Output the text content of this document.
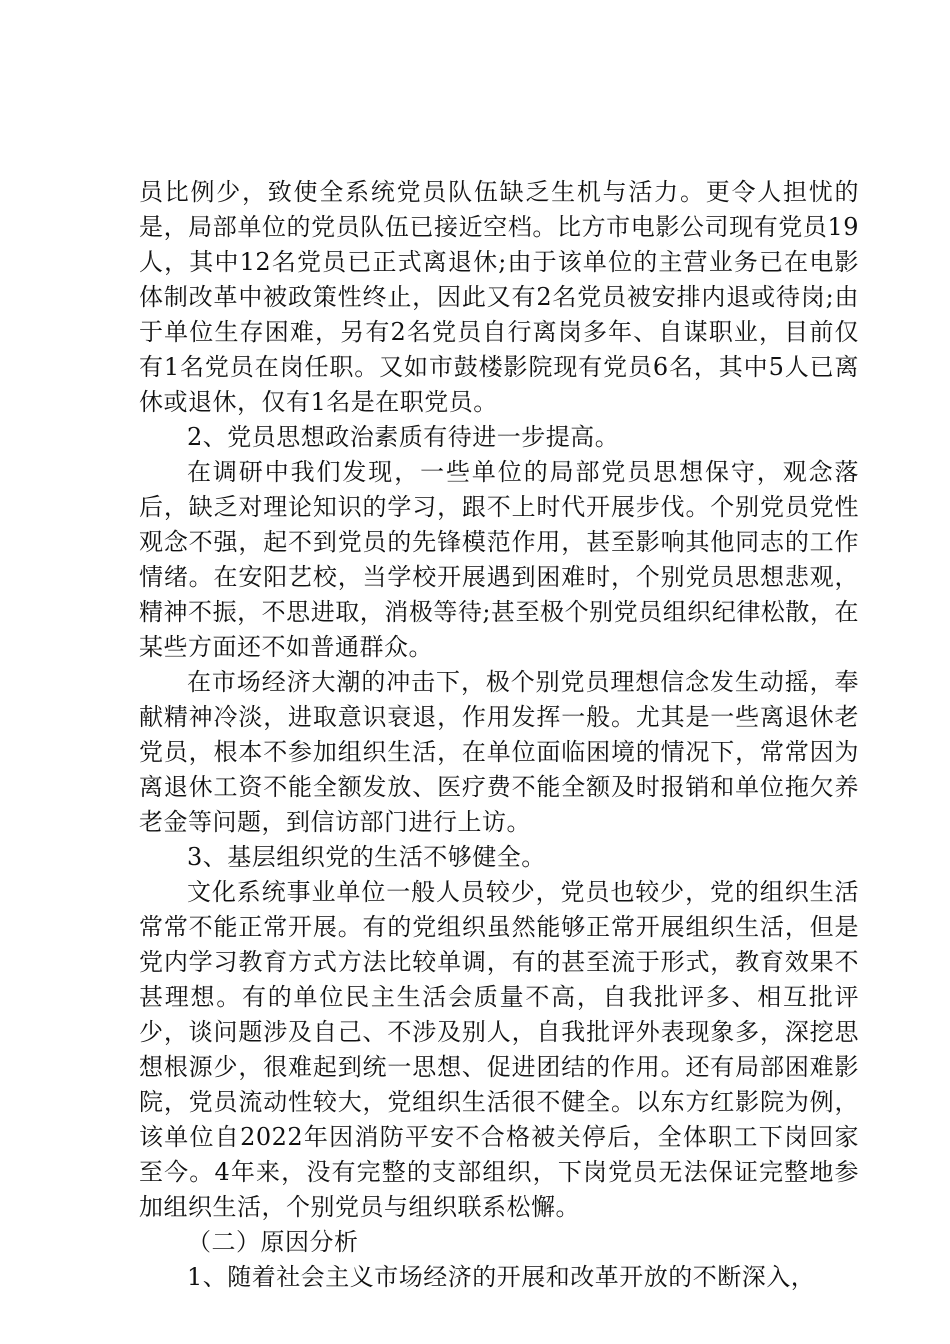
员比例少，致使全系统党员队伍缺乏生机与活力。更令人担忧的是，局部单位的党员队伍已接近空档。比方市电影公司现有党员19人，其中12名党员已正式离退休;由于该单位的主营业务已在电影体制改革中被政策性终止，因此又有2名党员被安排内退或待岗;由于单位生存困难，另有2名党员自行离岗多年、自谋职业，目前仅有1名党员在岗任职。又如市鼓楼影院现有党员6名，其中5人已离休或退休，仅有1名是在职党员。

2、党员思想政治素质有待进一步提高。

在调研中我们发现，一些单位的局部党员思想保守，观念落后，缺乏对理论知识的学习，跟不上时代开展步伐。个别党员党性观念不强，起不到党员的先锋模范作用，甚至影响其他同志的工作情绪。在安阳艺校，当学校开展遇到困难时，个别党员思想悲观，精神不振，不思进取，消极等待;甚至极个别党员组织纪律松散，在某些方面还不如普通群众。

在市场经济大潮的冲击下，极个别党员理想信念发生动摇，奉献精神冷淡，进取意识衰退，作用发挥一般。尤其是一些离退休老党员，根本不参加组织生活，在单位面临困境的情况下，常常因为离退休工资不能全额发放、医疗费不能全额及时报销和单位拖欠养老金等问题，到信访部门进行上访。

3、基层组织党的生活不够健全。

文化系统事业单位一般人员较少，党员也较少，党的组织生活常常不能正常开展。有的党组织虽然能够正常开展组织生活，但是党内学习教育方式方法比较单调，有的甚至流于形式，教育效果不甚理想。有的单位民主生活会质量不高，自我批评多、相互批评少，谈问题涉及自己、不涉及别人，自我批评外表现象多，深挖思想根源少，很难起到统一思想、促进团结的作用。还有局部困难影院，党员流动性较大，党组织生活很不健全。以东方红影院为例，该单位自2022年因消防平安不合格被关停后，全体职工下岗回家至今。4年来，没有完整的支部组织，下岗党员无法保证完整地参加组织生活，个别党员与组织联系松懈。

（二）原因分析

1、随着社会主义市场经济的开展和改革开放的不断深入，
